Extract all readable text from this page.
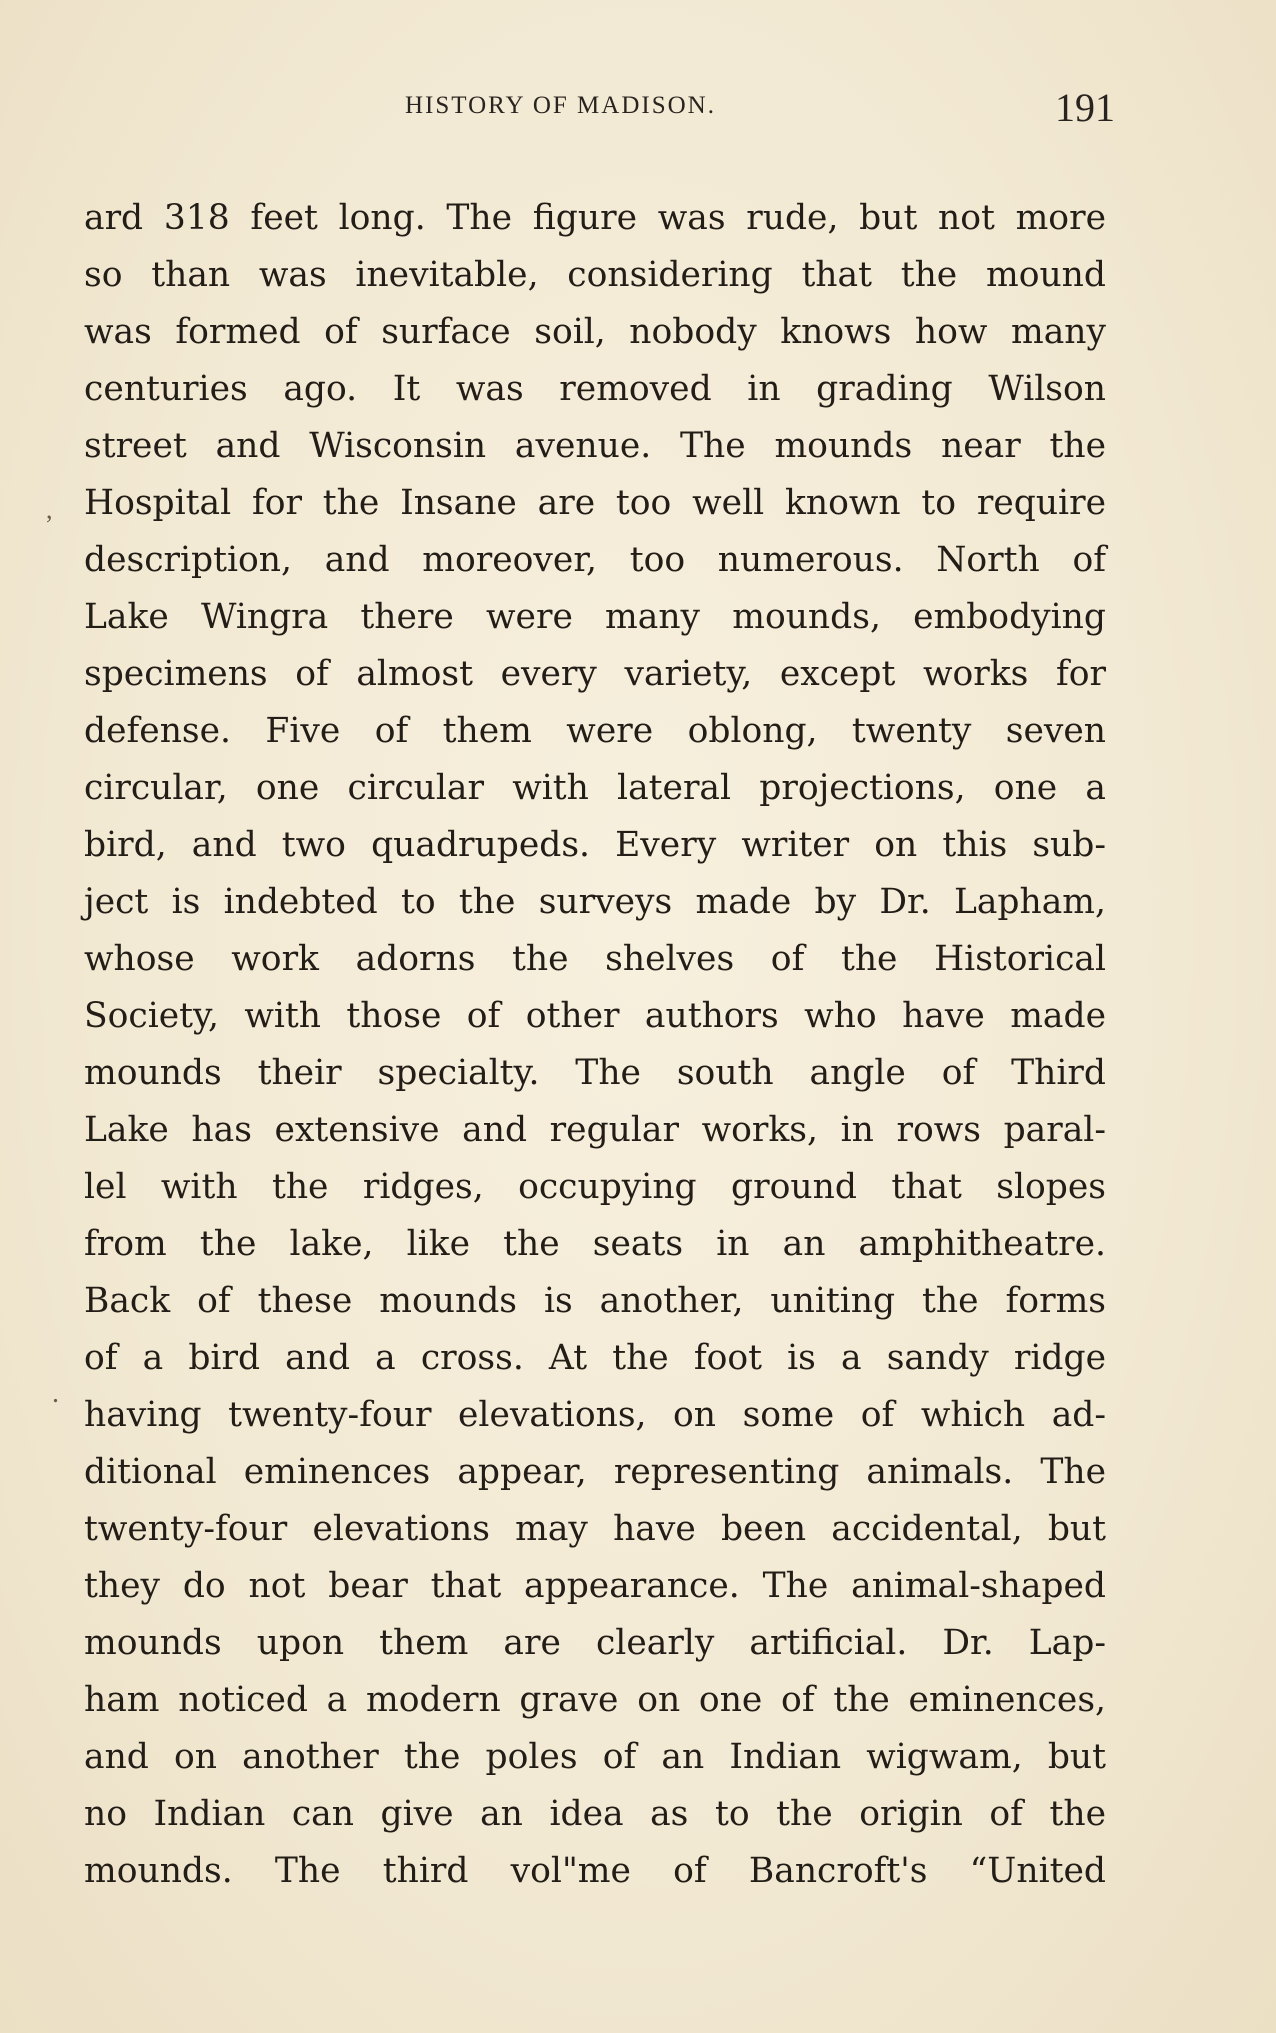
HISTORY OF MADISON.	191
,
.
ard 318 feet long. The figure was rude, but not more
so than was inevitable, considering that the mound
was formed of surface soil, nobody knows how many
centuries ago. It was removed in grading Wilson
street and Wisconsin avenue. The mounds near the
Hospital for the Insane are too well known to require
description, and moreover, too numerous. North of
Lake Wingra there were many mounds, embodying
specimens of almost every variety, except works for
defense. Five of them were oblong, twenty seven
circular, one circular with lateral projections, one a
bird, and two quadrupeds. Every writer on this sub-
ject is indebted to the surveys made by Dr. Lapham,
whose work adorns the shelves of the Historical
Society, with those of other authors who have made
mounds their specialty. The south angle of Third
Lake has extensive and regular works, in rows paral-
lel with the ridges, occupying ground that slopes
from the lake, like the seats in an amphitheatre.
Back of these mounds is another, uniting the forms
of a bird and a cross. At the foot is a sandy ridge
having twenty-four elevations, on some of which ad-
ditional eminences appear, representing animals. The
twenty-four elevations may have been accidental, but
they do not bear that appearance. The animal-shaped
mounds upon them are clearly artificial. Dr. Lap-
ham noticed a modern grave on one of the eminences,
and on another the poles of an Indian wigwam, but
no Indian can give an idea as to the origin of the
mounds. The third vol"me of Bancroft's “United
